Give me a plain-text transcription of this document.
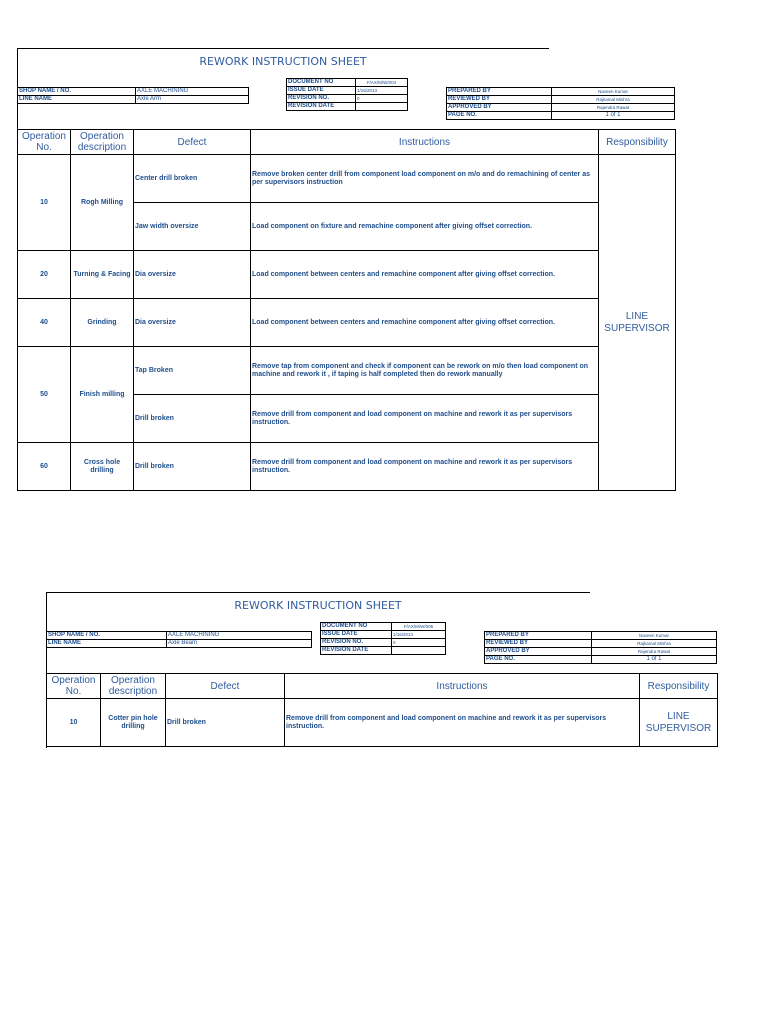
REWORK INSTRUCTION SHEET
SHOP NAME / NO.	AXLE MACHINING
LINE NAME	Axle Arm
DOCUMENT NO	F/AX/M/W/004
ISSUE DATE	1/16/2013
REVISION NO.	0
REVISION DATE	
PREPARED BY	Naveen Kumar
REVIEWED BY	Rajkamal Mishra
APPROVED BY	Rajendra Rawat
PAGE NO.	1 of 1
Operation No.	Operation description	Defect	Instructions	Responsibility
10	Rogh Milling	Center drill broken	Remove broken center drill from component load component on m/o and do remachining of center as per supervisors instruction	LINE SUPERVISOR
		Jaw width oversize	Load component on fixture and remachine component after giving offset correction.	
20	Turning & Facing	Dia oversize	Load component between centers and remachine component after giving offset correction.	
40	Grinding	Dia oversize	Load component between centers and remachine component after giving offset correction.	
50	Finish milling	Tap Broken	Remove tap from component and check if component can be rework on m/o then load component on machine and rework it , if taping is half completed then do rework manually	
		Drill broken	Remove drill from component and load component on machine and rework it as per supervisors instruction.	
60	Cross hole drilling	Drill broken	Remove drill from component and load component on machine and rework it as per supervisors instruction.	
REWORK INSTRUCTION SHEET
SHOP NAME / NO.	AXLE MACHINING
LINE NAME	Axle Beam
DOCUMENT NO	F/AX/M/W/005
ISSUE DATE	1/16/2013
REVISION NO.	0
REVISION DATE	
PREPARED BY	Naveen Kumar
REVIEWED BY	Rajkamal Mishra
APPROVED BY	Rajendra Rawat
PAGE NO.	1 of 1
Operation No.	Operation description	Defect	Instructions	Responsibility
10	Cotter pin hole drilling	Drill broken	Remove drill from component and load component on machine and rework it as per supervisors instruction.	LINE SUPERVISOR
